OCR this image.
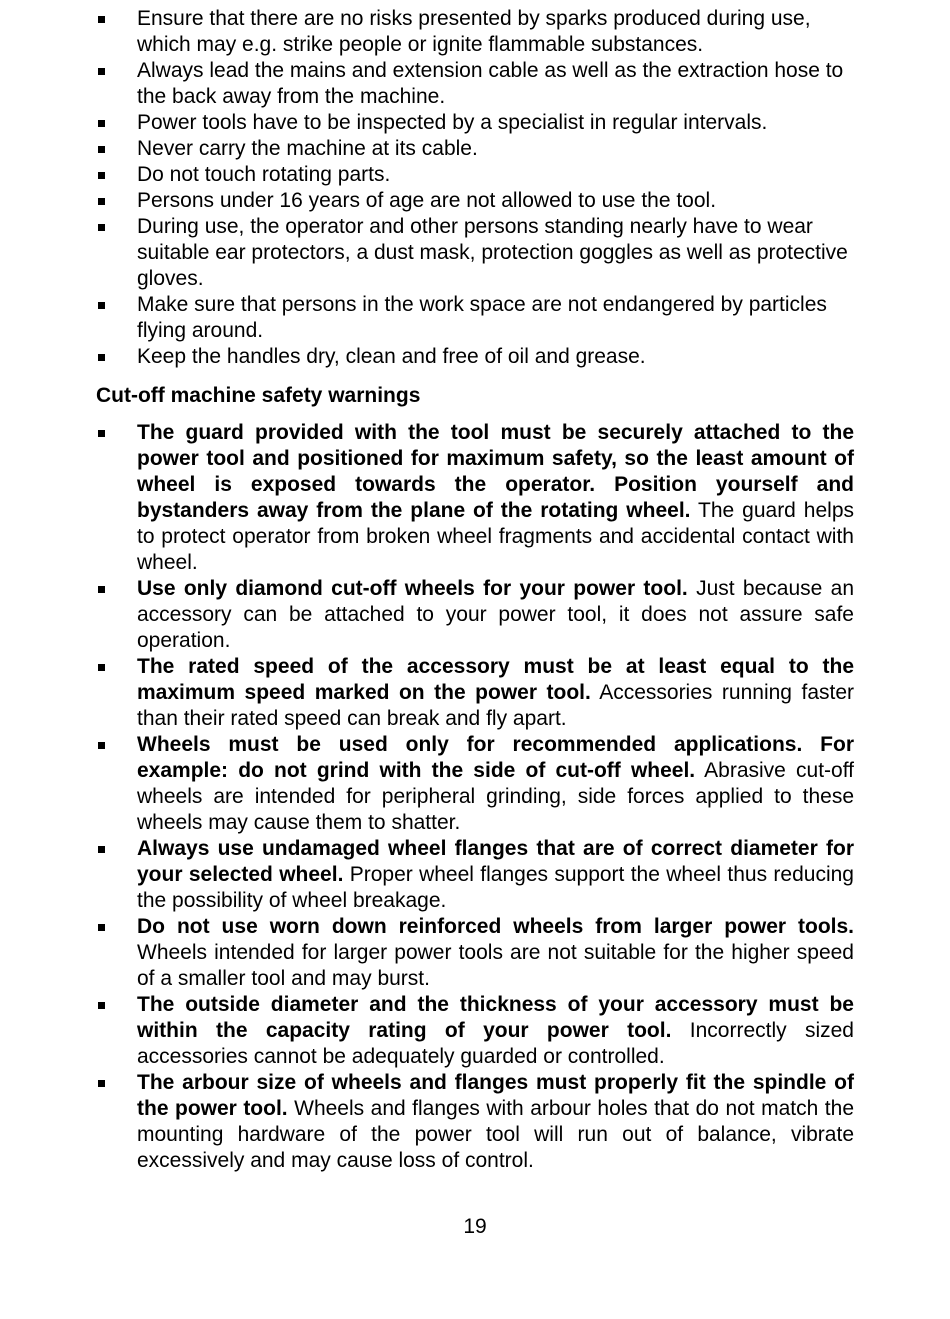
Ensure that there are no risks presented by sparks produced during use, which may e.g. strike people or ignite flammable substances.
Always lead the mains and extension cable as well as the extraction hose to the back away from the machine.
Power tools have to be inspected by a specialist in regular intervals.
Never carry the machine at its cable.
Do not touch rotating parts.
Persons under 16 years of age are not allowed to use the tool.
During use, the operator and other persons standing nearly have to wear suitable ear protectors, a dust mask, protection goggles as well as protective gloves.
Make sure that persons in the work space are not endangered by particles flying around.
Keep the handles dry, clean and free of oil and grease.
Cut-off machine safety warnings
The guard provided with the tool must be securely attached to the power tool and positioned for maximum safety, so the least amount of wheel is exposed towards the operator. Position yourself and bystanders away from the plane of the rotating wheel. The guard helps to protect operator from broken wheel fragments and accidental contact with wheel.
Use only diamond cut-off wheels for your power tool. Just because an accessory can be attached to your power tool, it does not assure safe operation.
The rated speed of the accessory must be at least equal to the maximum speed marked on the power tool. Accessories running faster than their rated speed can break and fly apart.
Wheels must be used only for recommended applications. For example: do not grind with the side of cut-off wheel. Abrasive cut-off wheels are intended for peripheral grinding, side forces applied to these wheels may cause them to shatter.
Always use undamaged wheel flanges that are of correct diameter for your selected wheel. Proper wheel flanges support the wheel thus reducing the possibility of wheel breakage.
Do not use worn down reinforced wheels from larger power tools. Wheels intended for larger power tools are not suitable for the higher speed of a smaller tool and may burst.
The outside diameter and the thickness of your accessory must be within the capacity rating of your power tool. Incorrectly sized accessories cannot be adequately guarded or controlled.
The arbour size of wheels and flanges must properly fit the spindle of the power tool. Wheels and flanges with arbour holes that do not match the mounting hardware of the power tool will run out of balance, vibrate excessively and may cause loss of control.
19
